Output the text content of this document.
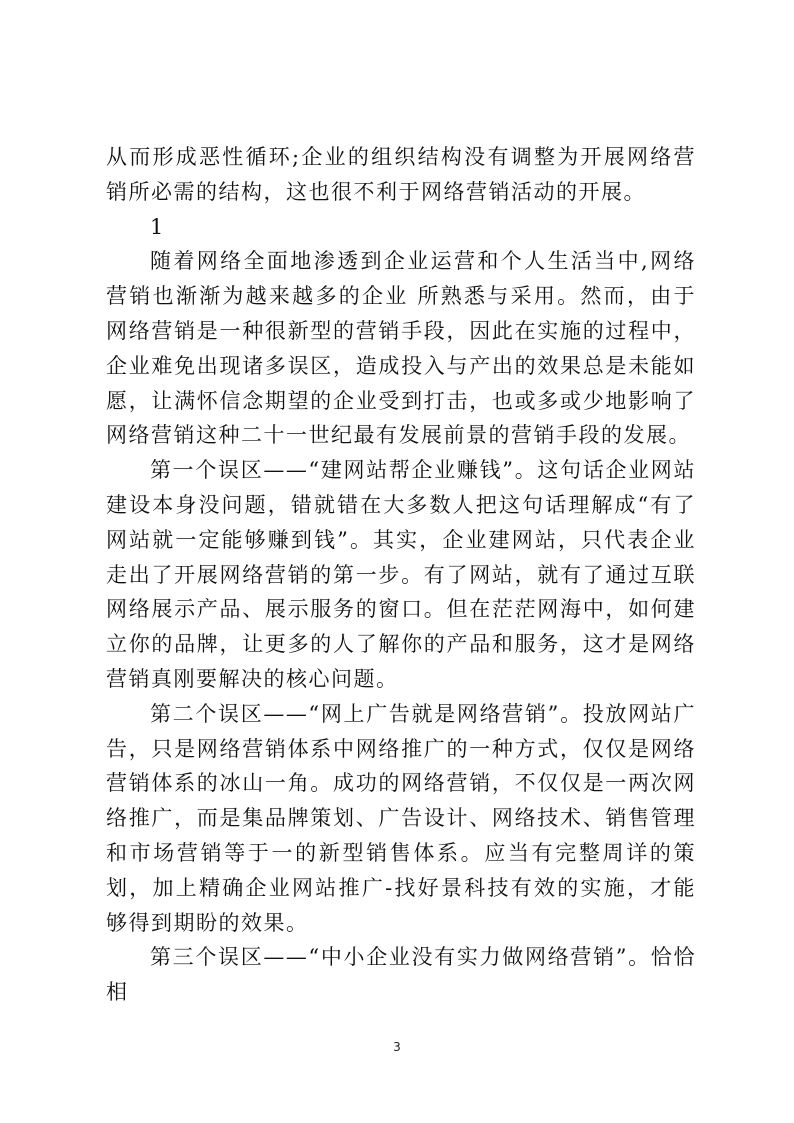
从而形成恶性循环;企业的组织结构没有调整为开展网络营销所必需的结构，这也很不利于网络营销活动的开展。

1

随着网络全面地渗透到企业运营和个人生活当中,网络营销也渐渐为越来越多的企业 所熟悉与采用。然而，由于网络营销是一种很新型的营销手段，因此在实施的过程中，企业难免出现诸多误区，造成投入与产出的效果总是未能如愿，让满怀信念期望的企业受到打击，也或多或少地影响了网络营销这种二十一世纪最有发展前景的营销手段的发展。

第一个误区——“建网站帮企业赚钱”。这句话企业网站建设本身没问题，错就错在大多数人把这句话理解成“有了网站就一定能够赚到钱”。其实，企业建网站，只代表企业走出了开展网络营销的第一步。有了网站，就有了通过互联网络展示产品、展示服务的窗口。但在茫茫网海中，如何建立你的品牌，让更多的人了解你的产品和服务，这才是网络营销真刚要解决的核心问题。

第二个误区——“网上广告就是网络营销”。投放网站广告，只是网络营销体系中网络推广的一种方式，仅仅是网络营销体系的冰山一角。成功的网络营销，不仅仅是一两次网络推广，而是集品牌策划、广告设计、网络技术、销售管理和市场营销等于一的新型销售体系。应当有完整周详的策划，加上精确企业网站推广-找好景科技有效的实施，才能够得到期盼的效果。

第三个误区——“中小企业没有实力做网络营销”。恰恰相

3
